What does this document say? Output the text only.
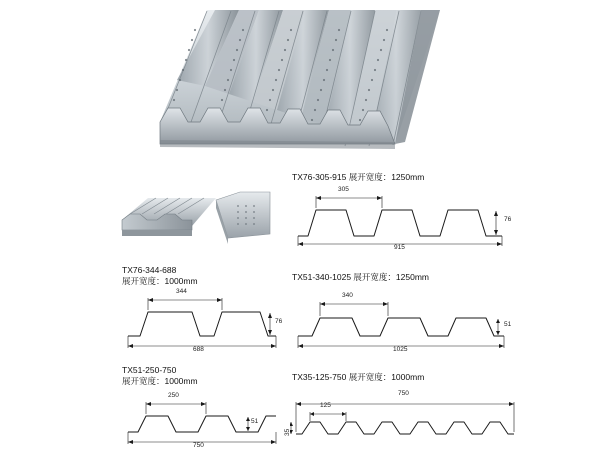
TX76-305-915 展开宽度：1250mm
305
76
915
TX76-344-688
展开宽度：1000mm
344
76
688
TX51-340-1025 展开宽度：1250mm
340
51
1025
TX51-250-750
展开宽度：1000mm
250
51
750
TX35-125-750 展开宽度：1000mm
125
750
35
